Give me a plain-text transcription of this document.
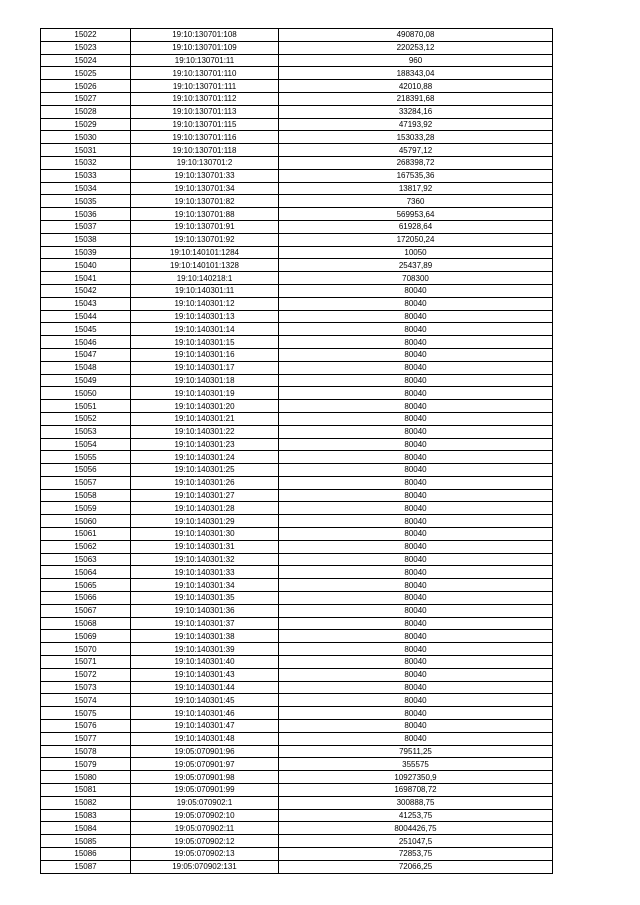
15022	19:10:130701:108	490870,08
15023	19:10:130701:109	220253,12
15024	19:10:130701:11	960
15025	19:10:130701:110	188343,04
15026	19:10:130701:111	42010,88
15027	19:10:130701:112	218391,68
15028	19:10:130701:113	33284,16
15029	19:10:130701:115	47193,92
15030	19:10:130701:116	153033,28
15031	19:10:130701:118	45797,12
15032	19:10:130701:2	268398,72
15033	19:10:130701:33	167535,36
15034	19:10:130701:34	13817,92
15035	19:10:130701:82	7360
15036	19:10:130701:88	569953,64
15037	19:10:130701:91	61928,64
15038	19:10:130701:92	172050,24
15039	19:10:140101:1284	10050
15040	19:10:140101:1328	25437,89
15041	19:10:140218:1	708300
15042	19:10:140301:11	80040
15043	19:10:140301:12	80040
15044	19:10:140301:13	80040
15045	19:10:140301:14	80040
15046	19:10:140301:15	80040
15047	19:10:140301:16	80040
15048	19:10:140301:17	80040
15049	19:10:140301:18	80040
15050	19:10:140301:19	80040
15051	19:10:140301:20	80040
15052	19:10:140301:21	80040
15053	19:10:140301:22	80040
15054	19:10:140301:23	80040
15055	19:10:140301:24	80040
15056	19:10:140301:25	80040
15057	19:10:140301:26	80040
15058	19:10:140301:27	80040
15059	19:10:140301:28	80040
15060	19:10:140301:29	80040
15061	19:10:140301:30	80040
15062	19:10:140301:31	80040
15063	19:10:140301:32	80040
15064	19:10:140301:33	80040
15065	19:10:140301:34	80040
15066	19:10:140301:35	80040
15067	19:10:140301:36	80040
15068	19:10:140301:37	80040
15069	19:10:140301:38	80040
15070	19:10:140301:39	80040
15071	19:10:140301:40	80040
15072	19:10:140301:43	80040
15073	19:10:140301:44	80040
15074	19:10:140301:45	80040
15075	19:10:140301:46	80040
15076	19:10:140301:47	80040
15077	19:10:140301:48	80040
15078	19:05:070901:96	79511,25
15079	19:05:070901:97	355575
15080	19:05:070901:98	10927350,9
15081	19:05:070901:99	1698708,72
15082	19:05:070902:1	300888,75
15083	19:05:070902:10	41253,75
15084	19:05:070902:11	8004426,75
15085	19:05:070902:12	251047,5
15086	19:05:070902:13	72853,75
15087	19:05:070902:131	72066,25
